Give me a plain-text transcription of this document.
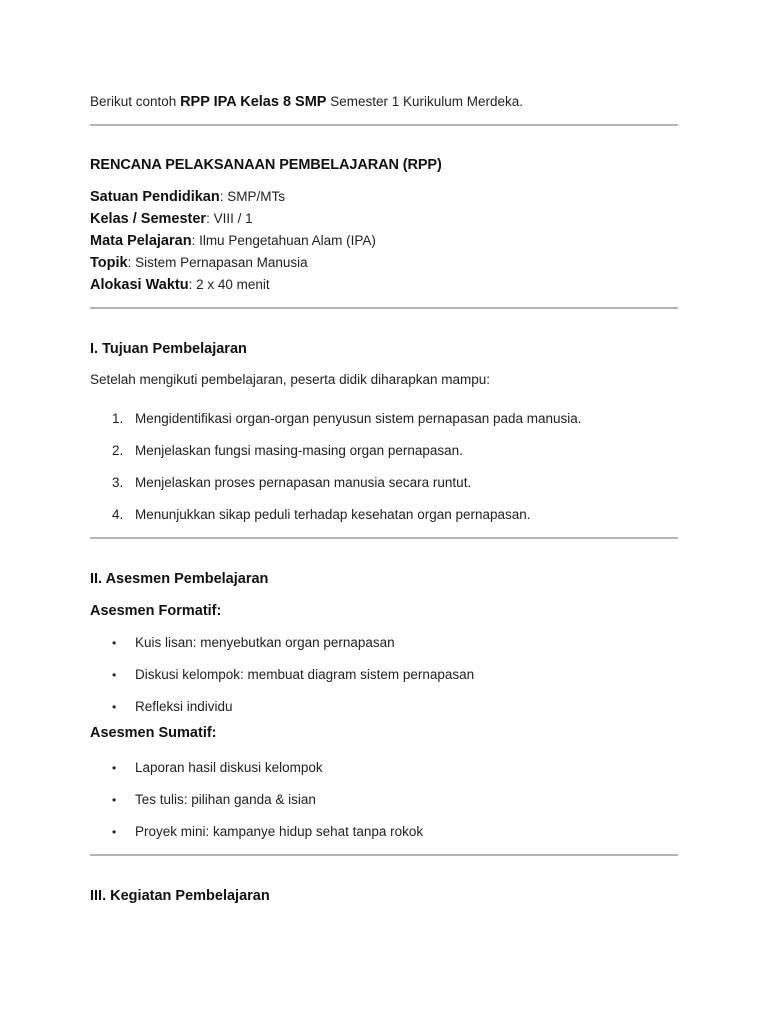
Berikut contoh RPP IPA Kelas 8 SMP Semester 1 Kurikulum Merdeka.

RENCANA PELAKSANAAN PEMBELAJARAN (RPP)

Satuan Pendidikan: SMP/MTs

Kelas / Semester: VIII / 1

Mata Pelajaran: Ilmu Pengetahuan Alam (IPA)

Topik: Sistem Pernapasan Manusia

Alokasi Waktu: 2 x 40 menit

I. Tujuan Pembelajaran

Setelah mengikuti pembelajaran, peserta didik diharapkan mampu:

1. Mengidentifikasi organ-organ penyusun sistem pernapasan pada manusia.
2. Menjelaskan fungsi masing-masing organ pernapasan.
3. Menjelaskan proses pernapasan manusia secara runtut.
4. Menunjukkan sikap peduli terhadap kesehatan organ pernapasan.
II. Asesmen Pembelajaran
Asesmen Formatif:
•	Kuis lisan: menyebutkan organ pernapasan
•	Diskusi kelompok: membuat diagram sistem pernapasan
•	Refleksi individu
Asesmen Sumatif:
•	Laporan hasil diskusi kelompok
•	Tes tulis: pilihan ganda & isian
•	Proyek mini: kampanye hidup sehat tanpa rokok
III. Kegiatan Pembelajaran
